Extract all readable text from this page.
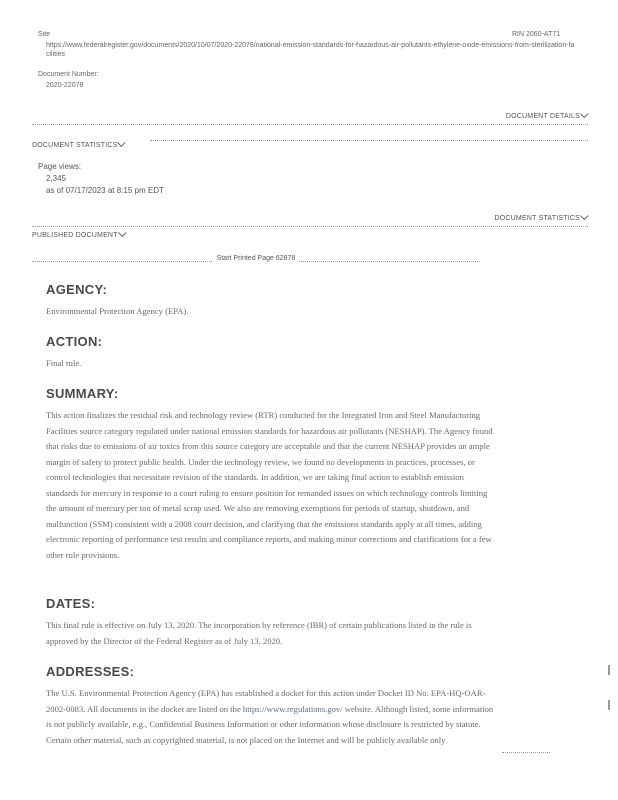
Site	RIN 2060-AT71
https://www.federalregister.gov/documents/2020/10/07/2020-22078/national-emission-standards-for-hazardous-air-pollutants-ethylene-oxide-emissions-from-sterilization-facilities
Document Number:
2020-22078
DOCUMENT DETAILS
DOCUMENT STATISTICS
Page views:
2,345
as of 07/17/2023 at 8:15 pm EDT
DOCUMENT STATISTICS
PUBLISHED DOCUMENT
Start Printed Page 62878
AGENCY:
Environmental Protection Agency (EPA).
ACTION:
Final rule.
SUMMARY:
This action finalizes the residual risk and technology review (RTR) conducted for the Integrated Iron and Steel Manufacturing Facilities source category regulated under national emission standards for hazardous air pollutants (NESHAP). The Agency found that risks due to emissions of air toxics from this source category are acceptable and that the current NESHAP provides an ample margin of safety to protect public health. Under the technology review, we found no developments in practices, processes, or control technologies that necessitate revision of the standards. In addition, we are taking final action to establish emission standards for mercury in response to a court ruling to ensure position for remanded issues on which technology controls limiting the amount of mercury per ton of metal scrap used. We also are removing exemptions for periods of startup, shutdown, and malfunction (SSM) consistent with a 2008 court decision, and clarifying that the emissions standards apply at all times, adding electronic reporting of performance test results and compliance reports, and making minor corrections and clarifications for a few other rule provisions.
DATES:
This final rule is effective on July 13, 2020. The incorporation by reference (IBR) of certain publications listed in the rule is approved by the Director of the Federal Register as of July 13, 2020.
ADDRESSES:
The U.S. Environmental Protection Agency (EPA) has established a docket for this action under Docket ID No. EPA-HQ-OAR-2002-0083. All documents in the docket are listed on the https://www.regulations.gov/ website. Although listed, some information is not publicly available, e.g., Confidential Business Information or other information whose disclosure is restricted by statute. Certain other material, such as copyrighted material, is not placed on the Internet and will be publicly available only
